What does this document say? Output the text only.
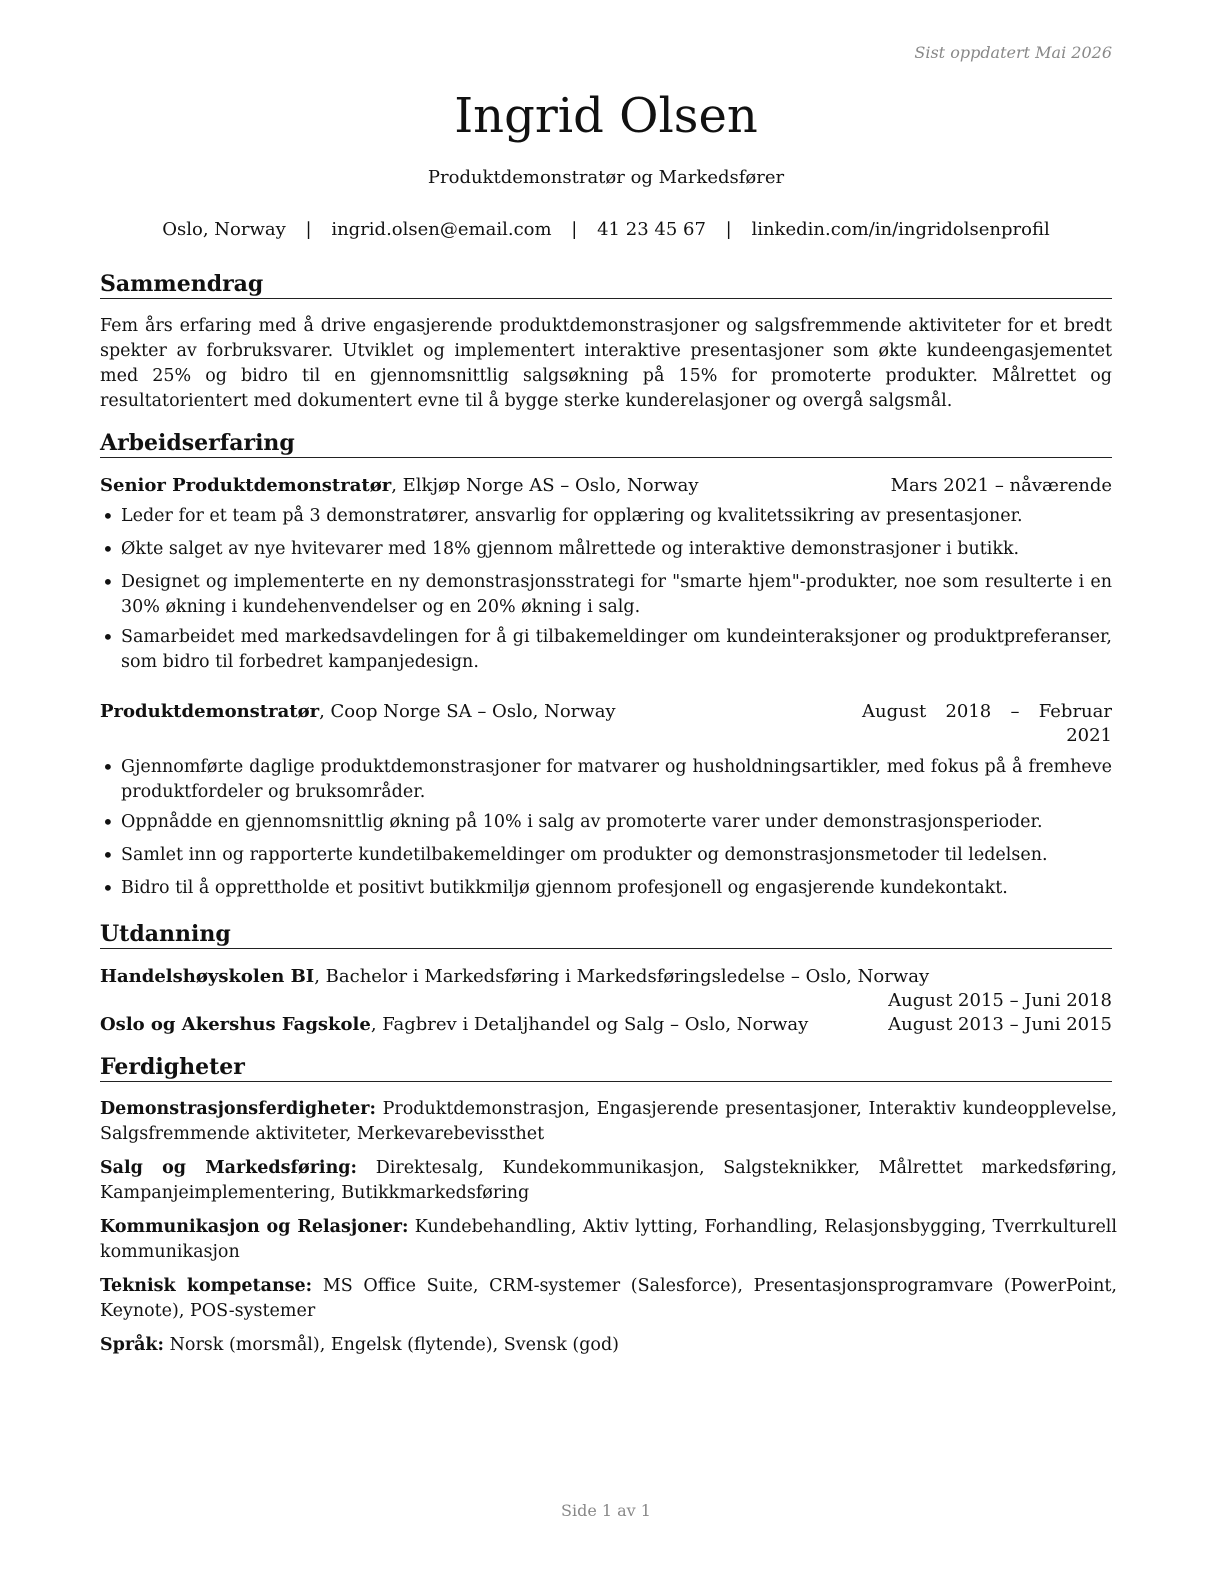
Sist oppdatert Mai 2026
Ingrid Olsen
Produktdemonstratør og Markedsfører
Oslo, Norway | ingrid.olsen@email.com | 41 23 45 67 | linkedin.com/in/ingridolsenprofil
Sammendrag
Fem års erfaring med å drive engasjerende produktdemonstrasjoner og salgsfremmende aktiviteter for et bredt spekter av forbruksvarer. Utviklet og implementert interaktive presentasjoner som økte kundeengasjementet med 25% og bidro til en gjennomsnittlig salgsøkning på 15% for promoterte produkter. Målrettet og resultatorientert med dokumentert evne til å bygge sterke kunderelasjoner og overgå salgsmål.
Arbeidserfaring
Senior Produktdemonstratør, Elkjøp Norge AS – Oslo, Norway	Mars 2021 – nåværende
• Leder for et team på 3 demonstratører, ansvarlig for opplæring og kvalitetssikring av presentasjoner.
• Økte salget av nye hvitevarer med 18% gjennom målrettede og interaktive demonstrasjoner i butikk.
• Designet og implementerte en ny demonstrasjonsstrategi for "smarte hjem"-produkter, noe som resulterte i en 30% økning i kundehenvendelser og en 20% økning i salg.
• Samarbeidet med markedsavdelingen for å gi tilbakemeldinger om kundeinteraksjoner og produktpreferanser, som bidro til forbedret kampanjedesign.
Produktdemonstratør, Coop Norge SA – Oslo, Norway	August 2018 – Februar 2021
• Gjennomførte daglige produktdemonstrasjoner for matvarer og husholdningsartikler, med fokus på å fremheve produktfordeler og bruksområder.
• Oppnådde en gjennomsnittlig økning på 10% i salg av promoterte varer under demonstrasjonsperioder.
• Samlet inn og rapporterte kundetilbakemeldinger om produkter og demonstrasjonsmetoder til ledelsen.
• Bidro til å opprettholde et positivt butikkmiljø gjennom profesjonell og engasjerende kundekontakt.
Utdanning
Handelshøyskolen BI, Bachelor i Markedsføring i Markedsføringsledelse – Oslo, Norway
August 2015 – Juni 2018
Oslo og Akershus Fagskole, Fagbrev i Detaljhandel og Salg – Oslo, Norway	August 2013 – Juni 2015
Ferdigheter
Demonstrasjonsferdigheter: Produktdemonstrasjon, Engasjerende presentasjoner, Interaktiv kundeopplevelse, Salgsfremmende aktiviteter, Merkevarebevissthet
Salg og Markedsføring: Direktesalg, Kundekommunikasjon, Salgsteknikker, Målrettet markedsføring, Kampanjeimplementering, Butikkmarkedsføring
Kommunikasjon og Relasjoner: Kundebehandling, Aktiv lytting, Forhandling, Relasjonsbygging, Tverrkulturell kommunikasjon
Teknisk kompetanse: MS Office Suite, CRM-systemer (Salesforce), Presentasjonsprogramvare (PowerPoint, Keynote), POS-systemer
Språk: Norsk (morsmål), Engelsk (flytende), Svensk (god)
Side 1 av 1
